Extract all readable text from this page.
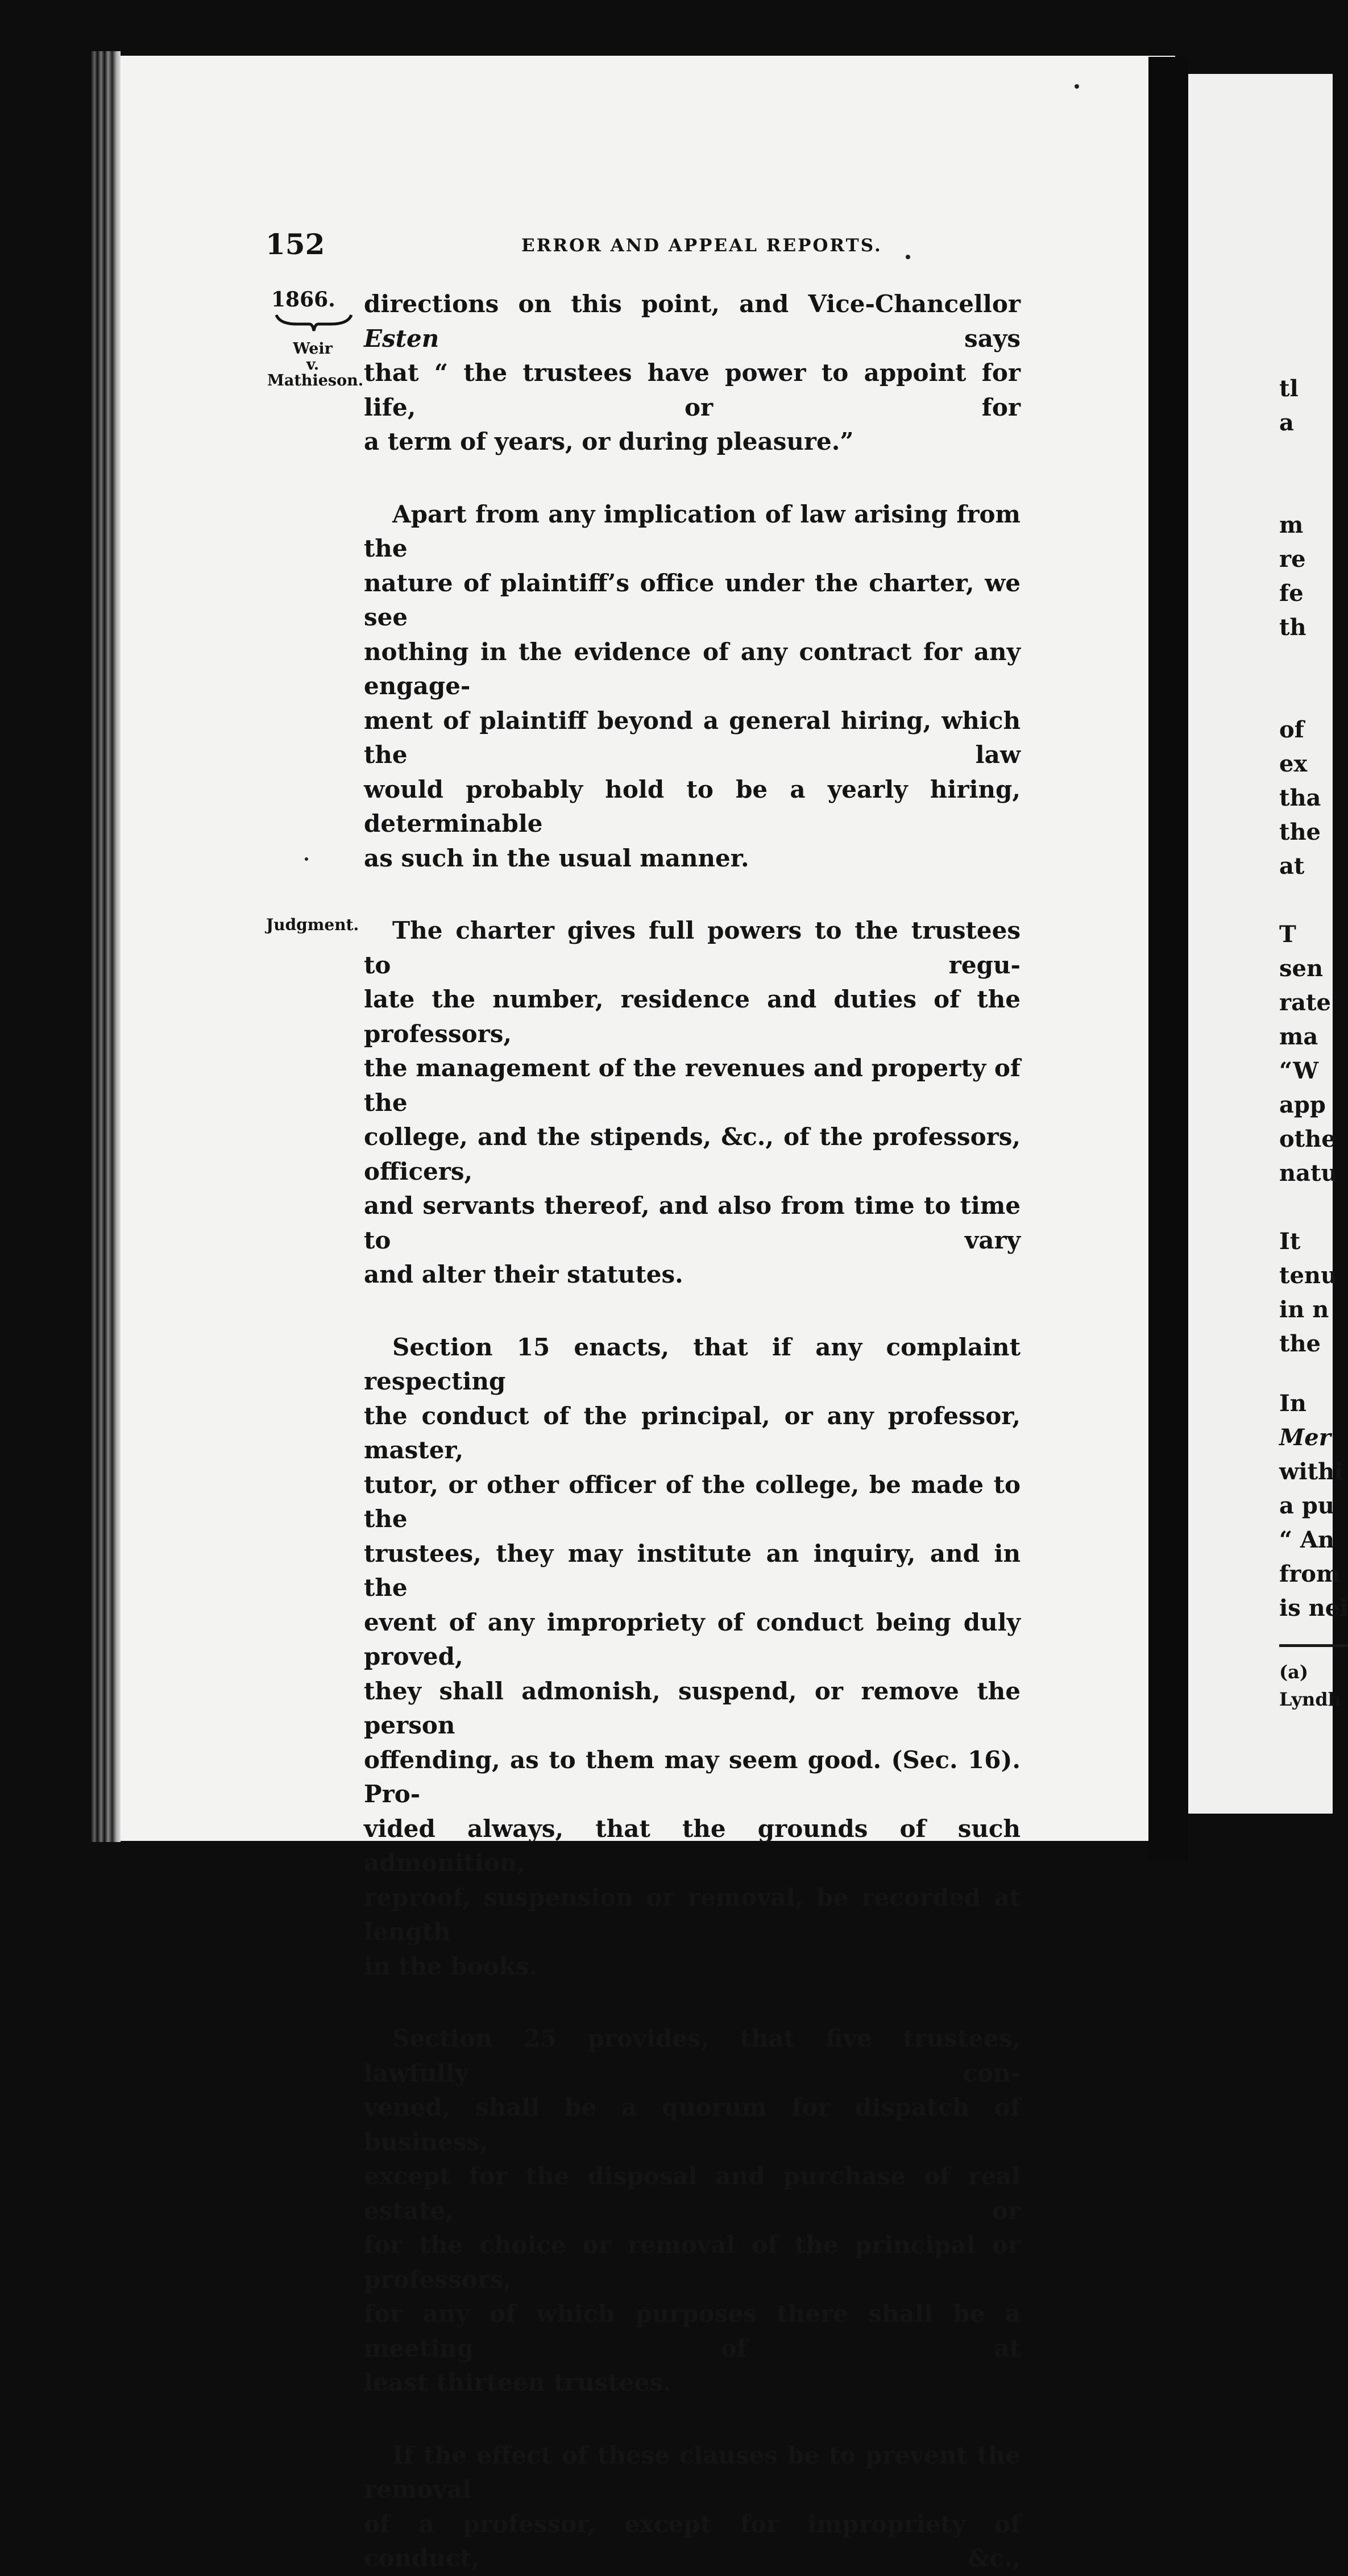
152	ERROR AND APPEAL REPORTS.
1866.
Weir
v.
Mathieson.
Judgment.

directions on this point, and Vice-Chancellor Esten says
that “ the trustees have power to appoint for life, or for
a term of years, or during pleasure.”

Apart from any implication of law arising from the
nature of plaintiff’s office under the charter, we see
nothing in the evidence of any contract for any engage-
ment of plaintiff beyond a general hiring, which the law
would probably hold to be a yearly hiring, determinable
as such in the usual manner.

The charter gives full powers to the trustees to regu-
late the number, residence and duties of the professors,
the management of the revenues and property of the
college, and the stipends, &c., of the professors, officers,
and servants thereof, and also from time to time to vary
and alter their statutes.

Section 15 enacts, that if any complaint respecting
the conduct of the principal, or any professor, master,
tutor, or other officer of the college, be made to the
trustees, they may institute an inquiry, and in the
event of any impropriety of conduct being duly proved,
they shall admonish, suspend, or remove the person
offending, as to them may seem good. (Sec. 16). Pro-
vided always, that the grounds of such admonition,
reproof, suspension or removal, be recorded at length
in the books.

Section 25 provides, that five trustees, lawfully con-
vened, shall be a quorum for dispatch of business,
except for the disposal and purchase of real estate, or
for the choice or removal of the principal or professors,
for any of which purposes there shall be a meeting of at
least thirteen trustees.

If the effect of these clauses be to prevent the removal
of a professor, except for impropriety of conduct, &c.,

tl
a
m
re
fe
th
of
ex
tha
the
at
T
sen
rate
ma
“W
app
othe
natu
It
tenu
in n
the
In
Mer
withi
a pu
“ An
from
is nei
(a)
Lyndh
